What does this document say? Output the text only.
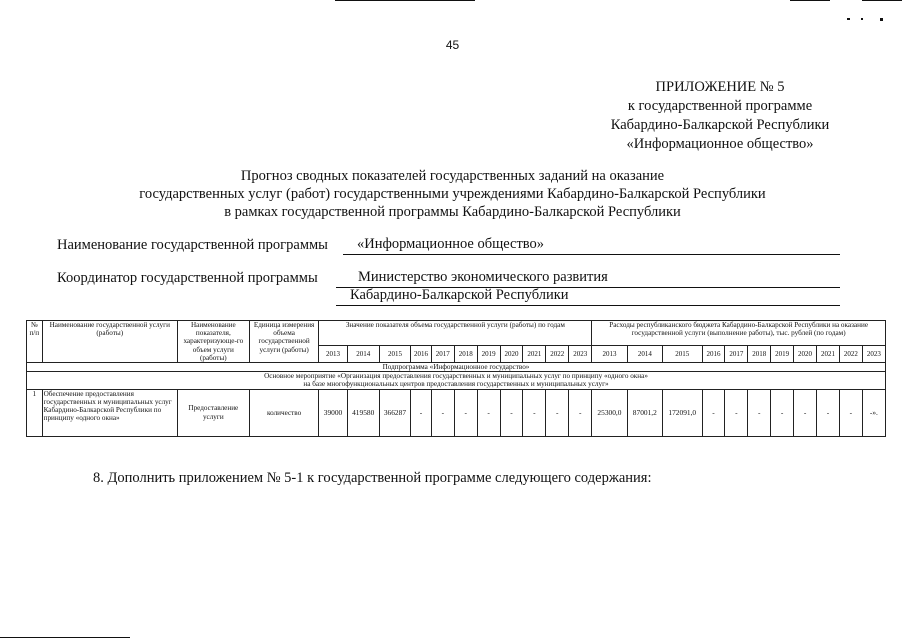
45
ПРИЛОЖЕНИЕ № 5
к государственной программе
Кабардино-Балкарской Республики
«Информационное общество»
Прогноз сводных показателей государственных заданий на оказание
государственных услуг (работ) государственными учреждениями Кабардино-Балкарской Республики
в рамках государственной программы Кабардино-Балкарской Республики
Наименование государственной программы	«Информационное общество»
Координатор государственной программы	Министерство экономического развития
Кабардино-Балкарской Республики
№ п/п	Наименование государственной услуги (работы)	Наименование показателя, характеризующе-го объем услуги (работы)	Единица измерения объема государственной услуги (работы)	Значение показателя объема государственной услуги (работы) по годам											Расходы республиканского бюджета Кабардино-Балкарской Республики на оказание государственной услуги (выполнение работы), тыс. рублей (по годам)										
				2013	2014	2015	2016	2017	2018	2019	2020	2021	2022	2023	2013	2014	2015	2016	2017	2018	2019	2020	2021	2022	2023
Подпрограмма «Информационное государство»																									

Основное мероприятие «Организация предоставления государственных и муниципальных услуг по принципу «одного окна»
на базе многофункциональных центров предоставления государственных и муниципальных услуг»																									

1	Обеспечение предоставления государственных и муниципальных услуг Кабардино-Балкарской Республики по принципу «одного окна»	Предоставление услуги	количество	39000	419580	366287	-	-	-	-	-	-	-	-	25300,0	87001,2	172091,0	-	-	-	-	-	-	-	-».
8. Дополнить приложением № 5-1 к государственной программе следующего содержания:
